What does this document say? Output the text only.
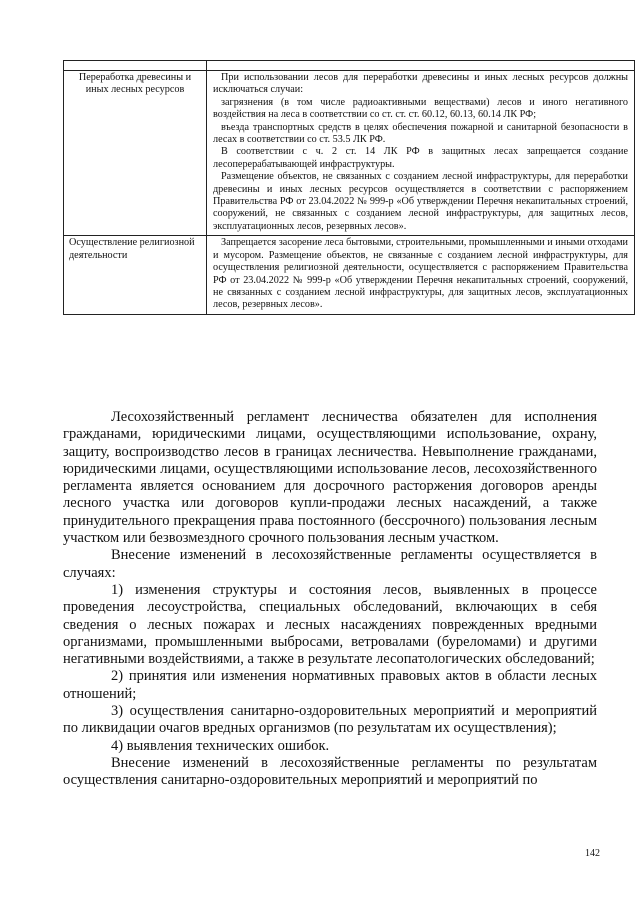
Переработка древесины и иных лесных ресурсов	При использовании лесов для переработки древесины и иных лесных ресурсов должны исключаться случаи:

загрязнения (в том числе радиоактивными веществами) лесов и иного негативного воздействия на леса в соответствии со ст. ст. ст. 60.12, 60.13, 60.14 ЛК РФ;

въезда транспортных средств в целях обеспечения пожарной и санитарной безопасности в лесах в соответствии со ст. 53.5 ЛК РФ.

В соответствии с ч. 2 ст. 14 ЛК РФ в защитных лесах запрещается создание лесоперерабатывающей инфраструктуры.

Размещение объектов, не связанных с созданием лесной инфраструктуры, для переработки древесины и иных лесных ресурсов осуществляется в соответствии с распоряжением Правительства РФ от 23.04.2022 № 999-р «Об утверждении Перечня некапитальных строений, сооружений, не связанных с созданием лесной инфраструктуры, для защитных лесов, эксплуатационных лесов, резервных лесов».

Осуществление религиозной деятельности	Запрещается засорение леса бытовыми, строительными, промышленными и иными отходами и мусором. Размещение объектов, не связанные с созданием лесной инфраструктуры, для осуществления религиозной деятельности, осуществляется с распоряжением Правительства РФ от 23.04.2022 № 999-р «Об утверждении Перечня некапитальных строений, сооружений, не связанных с созданием лесной инфраструктуры, для защитных лесов, эксплуатационных лесов, резервных лесов».

Лесохозяйственный регламент лесничества обязателен для исполнения гражданами, юридическими лицами, осуществляющими использование, охрану, защиту, воспроизводство лесов в границах лесничества. Невыполнение гражданами, юридическими лицами, осуществляющими использование лесов, лесохозяйственного регламента является основанием для досрочного расторжения договоров аренды лесного участка или договоров купли-продажи лесных насаждений, а также принудительного прекращения права постоянного (бессрочного) пользования лесным участком или безвозмездного срочного пользования лесным участком.

Внесение изменений в лесохозяйственные регламенты осуществляется в случаях:

1) изменения структуры и состояния лесов, выявленных в процессе проведения лесоустройства, специальных обследований, включающих в себя сведения о лесных пожарах и лесных насаждениях поврежденных вредными организмами, промышленными выбросами, ветровалами (буреломами) и другими негативными воздействиями, а также в результате лесопатологических обследований;

2) принятия или изменения нормативных правовых актов в области лесных отношений;

3) осуществления санитарно-оздоровительных мероприятий и мероприятий по ликвидации очагов вредных организмов (по результатам их осуществления);

4) выявления технических ошибок.

Внесение изменений в лесохозяйственные регламенты по результатам осуществления санитарно-оздоровительных мероприятий и мероприятий по

142
